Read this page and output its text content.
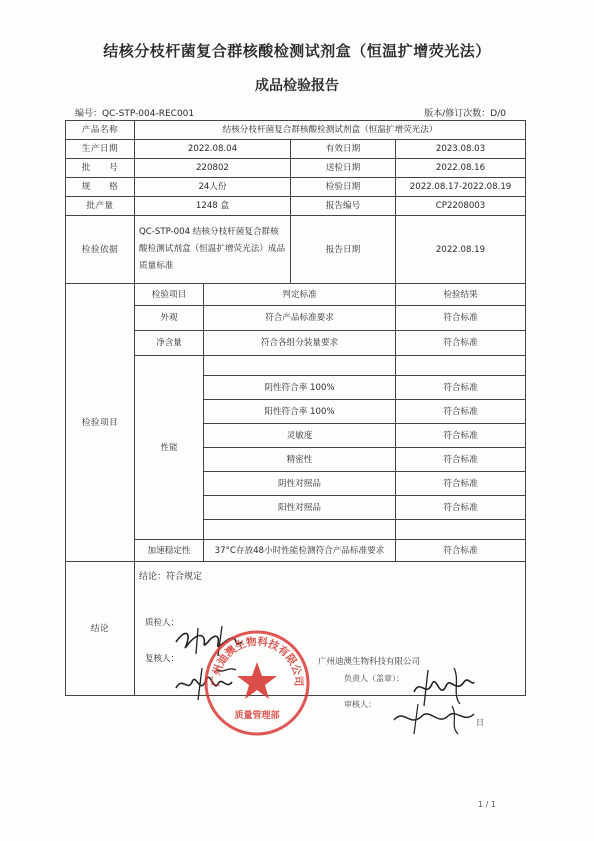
结核分枝杆菌复合群核酸检测试剂盒（恒温扩增荧光法）
成品检验报告
编号：QC-STP-004-REC001	版本/修订次数：D/0
产品名称	结核分枝杆菌复合群核酸检测试剂盒（恒温扩增荧光法）			
生产日期	2022.08.04		有效日期	2023.08.03
批　　号	220802		送检日期	2022.08.16
规　　格	24人份		检验日期	2022.08.17-2022.08.19
批产量	1248 盒		报告编号	CP2208003
检验依据	QC-STP-004 结核分枝杆菌复合群核酸检测试剂盒（恒温扩增荧光法）成品质量标准		报告日期	2022.08.19
检验项目	检验项目	判定标准		检验结果
	外观	符合产品标准要求		符合标准
	净含量	符合各组分装量要求		符合标准
	性能			
		阴性符合率 100%		符合标准
		阳性符合率 100%		符合标准
		灵敏度		符合标准
		精密性		符合标准
		阴性对照品		符合标准
		阳性对照品		符合标准

	加速稳定性	37°C存放48小时性能检测符合产品标准要求		符合标准
结论	结论：符合规定
质检人：
复核人：			
广州迪澳生物科技有限公司
质量管理部
广州迪澳生物科技有限公司
负责人（盖章）：
审核人：
日
1 / 1
